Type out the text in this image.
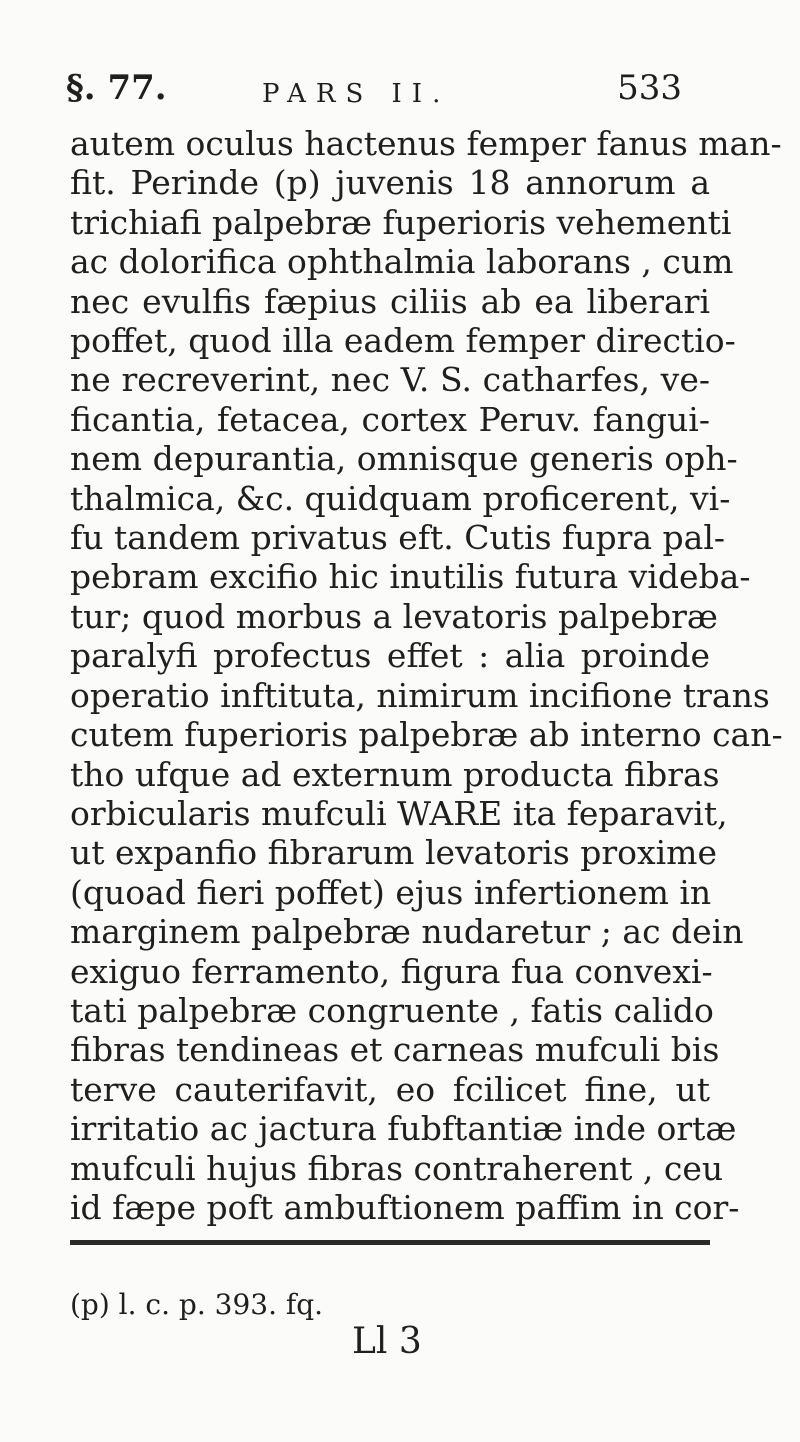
§. 77.	PARS II.	533
autem oculus hactenus femper fanus man-
fit. Perinde (p) juvenis 18 annorum a
trichiafi palpebræ fuperioris vehementi
ac dolorifica ophthalmia laborans , cum
nec evulfis fæpius ciliis ab ea liberari
poffet, quod illa eadem femper directio-
ne recreverint, nec V. S. catharfes, ve-
ficantia, fetacea, cortex Peruv. fangui-
nem depurantia, omnisque generis oph-
thalmica, &c. quidquam proficerent, vi-
fu tandem privatus eft. Cutis fupra pal-
pebram excifio hic inutilis futura videba-
tur; quod morbus a levatoris palpebræ
paralyfi profectus effet : alia proinde
operatio inftituta, nimirum incifione trans
cutem fuperioris palpebræ ab interno can-
tho ufque ad externum producta fibras
orbicularis mufculi WARE ita feparavit,
ut expanfio fibrarum levatoris proxime
(quoad fieri poffet) ejus infertionem in
marginem palpebræ nudaretur ; ac dein
exiguo ferramento, figura fua convexi-
tati palpebræ congruente , fatis calido
fibras tendineas et carneas mufculi bis
terve cauterifavit, eo fcilicet fine, ut
irritatio ac jactura fubftantiæ inde ortæ
mufculi hujus fibras contraherent , ceu
id fæpe poft ambuftionem paffim in cor-
(p) l. c. p. 393. fq.
Ll 3
